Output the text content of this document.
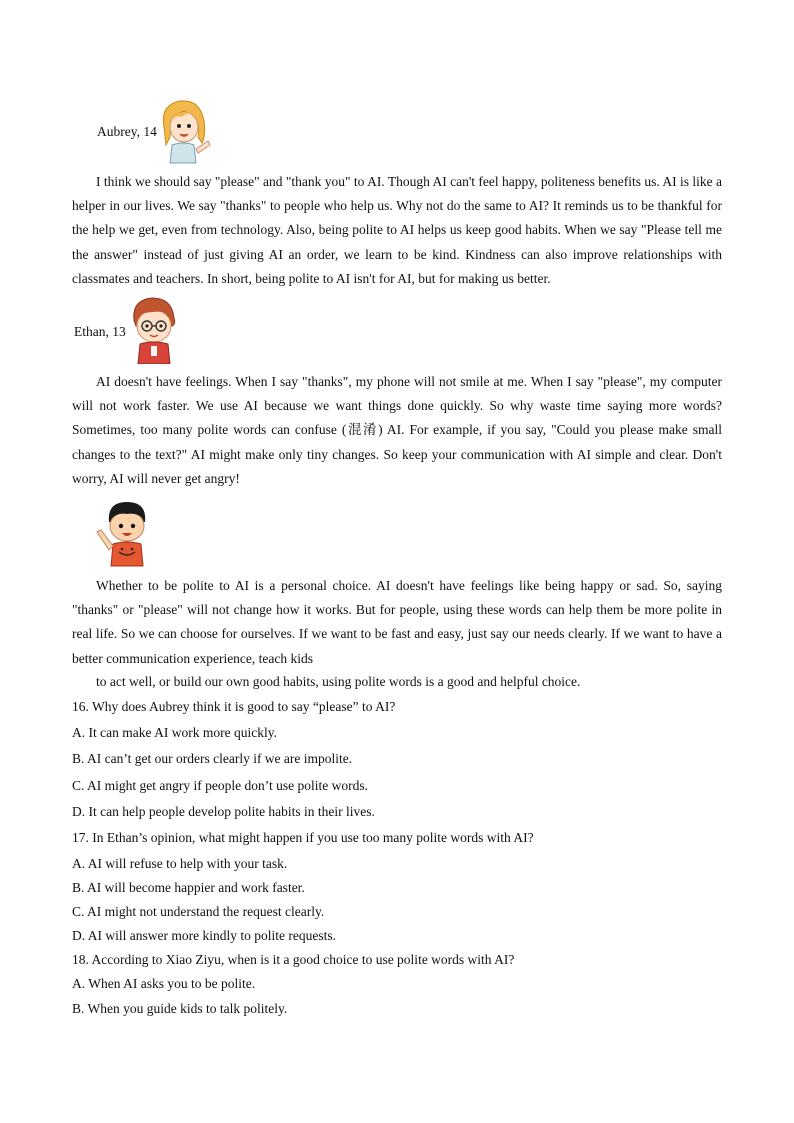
Aubrey, 14
I think we should say "please" and "thank you" to AI. Though AI can't feel happy, politeness benefits us. AI is like a helper in our lives. We say "thanks" to people who help us. Why not do the same to AI? It reminds us to be thankful for the help we get, even from technology. Also, being polite to AI helps us keep good habits. When we say "Please tell me the answer" instead of just giving AI an order, we learn to be kind. Kindness can also improve relationships with classmates and teachers. In short, being polite to AI isn't for AI, but for making us better.
Ethan, 13
AI doesn't have feelings. When I say "thanks", my phone will not smile at me. When I say "please", my computer will not work faster. We use AI because we want things done quickly. So why waste time saying more words? Sometimes, too many polite words can confuse (混淆) AI. For example, if you say, "Could you please make small changes to the text?" AI might make only tiny changes. So keep your communication with AI simple and clear. Don't worry, AI will never get angry!
Whether to be polite to AI is a personal choice. AI doesn't have feelings like being happy or sad. So, saying "thanks" or "please" will not change how it works. But for people, using these words can help them be more polite in real life. So we can choose for ourselves. If we want to be fast and easy, just say our needs clearly. If we want to have a better communication experience, teach kids
to act well, or build our own good habits, using polite words is a good and helpful choice.
16. Why does Aubrey think it is good to say “please” to AI?
A. It can make AI work more quickly.
B. AI can’t get our orders clearly if we are impolite.
C. AI might get angry if people don’t use polite words.
D. It can help people develop polite habits in their lives.
17. In Ethan’s opinion, what might happen if you use too many polite words with AI?
A. AI will refuse to help with your task.
B. AI will become happier and work faster.
C. AI might not understand the request clearly.
D. AI will answer more kindly to polite requests.
18. According to Xiao Ziyu, when is it a good choice to use polite words with AI?
A. When AI asks you to be polite.
B. When you guide kids to talk politely.
